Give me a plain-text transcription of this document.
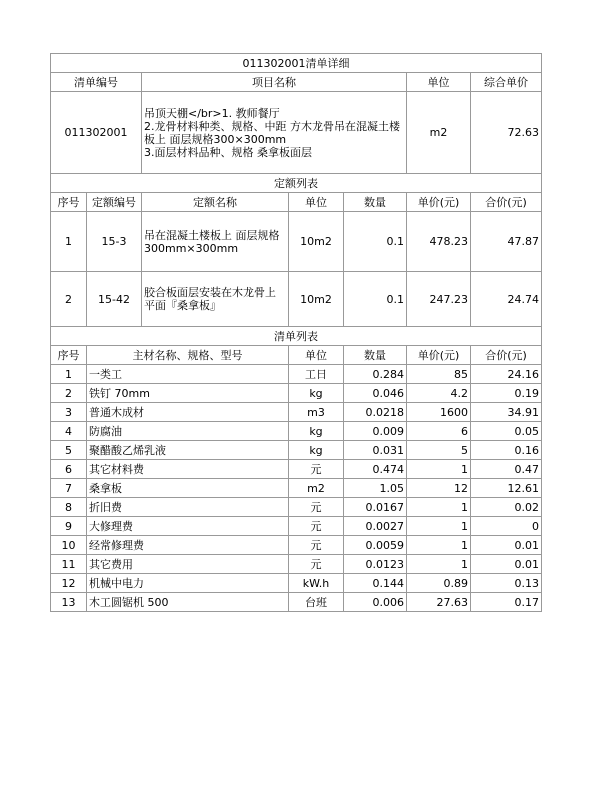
011302001清单详细						
清单编号		项目名称			单位	综合单价
011302001		吊顶天棚</br>1. 教师餐厅
2.龙骨材料种类、规格、中距 方木龙骨吊在混凝土楼板上 面层规格300×300mm
3.面层材料品种、规格 桑拿板面层			m2	72.63
定额列表						
序号	定额编号	定额名称	单位	数量	单价(元)	合价(元)
1	15-3	吊在混凝土楼板上 面层规格300mm×300mm	10m2	0.1	478.23	47.87
2	15-42	胶合板面层安装在木龙骨上 平面『桑拿板』	10m2	0.1	247.23	24.74
清单列表						
序号	主材名称、规格、型号		单位	数量	单价(元)	合价(元)
1	一类工		工日	0.284	85	24.16
2	铁钉 70mm		kg	0.046	4.2	0.19
3	普通木成材		m3	0.0218	1600	34.91
4	防腐油		kg	0.009	6	0.05
5	聚醋酸乙烯乳液		kg	0.031	5	0.16
6	其它材料费		元	0.474	1	0.47
7	桑拿板		m2	1.05	12	12.61
8	折旧费		元	0.0167	1	0.02
9	大修理费		元	0.0027	1	0
10	经常修理费		元	0.0059	1	0.01
11	其它费用		元	0.0123	1	0.01
12	机械中电力		kW.h	0.144	0.89	0.13
13	木工圆锯机 500		台班	0.006	27.63	0.17
